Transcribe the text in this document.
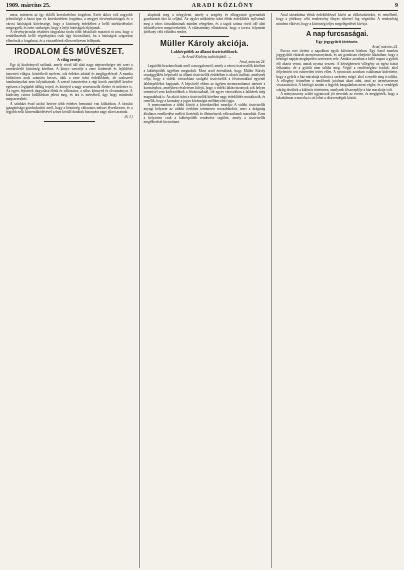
1909. március 25.	ARADI KÖZLÖNY	9

mesz, mintsem az így előállt kereskedelmi forgalom. Ezért akkor volt nagyobb jelentőségű a hazai ipar és kereskedelem forgalma, a megyei törvényhatóságok és a városi hatóságok kötelessége, hogy a közönség érdekében a kellő intézkedéseket megtegyék, és ezért szükséges, hogy a helyi hatóságok eljárjanak.

A törvényjavaslat részletes tárgyalása során több felszólaló mutatott rá arra, hogy a rendelkezések kellő végrehajtása csak úgy biztosítható, ha a hatóságok szigorúan ellenőrzik a forgalmat, és a visszaélések ellen erélyesen fellépnek.

IRODALOM ÉS MŰVÉSZET.
A világ zenéje.

Egy új kiadványról szólunk, amely rövid idő alatt nagy népszerűségre tett szert a zenekedvelő közönség körében. A könyv szerzője a zene történetét és fejlődését ismerteti világos, közérthető nyelven, sok érdekes adattal és megfigyeléssel. A munka különösen azok számára becses, akik a zene iránt érdeklődnek, de szakszerű tanulmányokat nem folytathatnak. A szerző ismertetése a régi korok zenéjétől kezdve egészen a legújabb időkig terjed, és kiterjed a nagy zeneszerzők életére és műveire is. Az egyes fejezetek tárgyalása élénk és változatos, a stílus könnyed és olvasmányos. A kiadvány csinos kiállításban jelent meg, és ára is mérsékelt, úgy hogy mindenki megszerezheti.

A színházi évad utolsó heteire több érdekes bemutató van kilátásban. A társulat igazgatósága gondoskodott arról, hogy a közönség változatos műsort élvezhessen, és a legjobb erők közreműködésével színre kerülő darabok bizonyára nagy sikert aratnak.

(S. I.)

alapítsák meg a nőegyletet, amely a szegény és elhagyatott gyermekek gondozását tűzi ki céljául. Az egylet működése iránt élénk érdeklődés nyilvánult meg a város társadalmának minden rétegében, és a tagok száma rövid idő alatt tekintélyesen megnövekedett. A választmány elhatározta, hogy a tavasz folyamán jótékony célú előadást rendez.

Müller Károly akciója.
Lakbérpótlék az állami tisztviselőknek.
— Az Aradi Közlöny tudósítójától. —
Arad, március 24.

Legutóbb beszámoltunk arról a mozgalomról, amely a városi tisztviselők körében a lakbérpótlék ügyében megindult. Most arról értesülünk, hogy Müller Károly országgyűlési képviselő az állami tisztviselők érdekében is akciót indított, amelynek célja, hogy a vidéki városokban szolgáló tisztviselők a fővárosiakkal egyenlő lakbérpótlékot kapjanak. A képviselő ebben az ügyben memorandumot intézett a kormányhoz, amelyben részletesen kifejti, hogy a vidéki lakásviszonyok sok helyen semmivel sem kedvezőbbek a fővárosiaknál, sőt egyes városokban a lakbérek még magasabbak is. Az akció iránt a tisztviselők körében nagy érdeklődés mutatkozik, és remélik, hogy a kormány a jogos kívánságot méltányolni fogja.

A memorandum a többi között a következőket mondja: A vidéki tisztviselők anyagi helyzete az utóbbi években tetemesen rosszabbodott, mert a drágaság általános emelkedése mellett fizetésük és illetményeik változatlanok maradtak. Ezen a helyzeten csak a lakbérpótlék rendezése segíthet, amely a tisztviselők megélhetését biztosítaná.

Arad társadalma élénk érdeklődéssel kíséri az előkészületeket, és remélhető, hogy a jótékony célú rendezvény fényes sikerrel fog végződni. A rendezőség mindent elkövet, hogy a közönség teljes megelégedését kivívja.

A nap furcsaságai.
Egy jegygyűrű története.
Arad, március 24.

Furcsa eset történt a napokban egyik külvárosi házban. Egy fiatal munkás jegygyűrűt vásárolt menyasszonyának, és azt gondosan elrejtette lakásában, hogy a kézfogó napján meglepetést szerezzen vele. Amikor azonban a kellő napon a gyűrűt elő akarta venni, annak nyoma veszett. A kétségbeesett vőlegény az egész házat felkutatta, de a gyűrűt nem találta meg. Végül a rendőrséghez fordult, ahol feljelentést tett ismeretlen tettes ellen. A nyomozás azonban csakhamar kiderítette, hogy a gyűrűt a ház macskája sodorta a szekrény mögé, ahol a rendőr meg is találta. A vőlegény örömében a rendőrnek jutalmat akart adni, amit az természetesen visszautasított. A kézfogó azután a legjobb hangulatban ment végbe, és a vendégek sokáig derültek a különös történeten, amelynek főszereplője a ház macskája volt.

A menyasszony szülei ugyancsak jót nevettek az eseten, és megígérték, hogy a lakodalmon a macska is ott lehet a díszvendégek között.
